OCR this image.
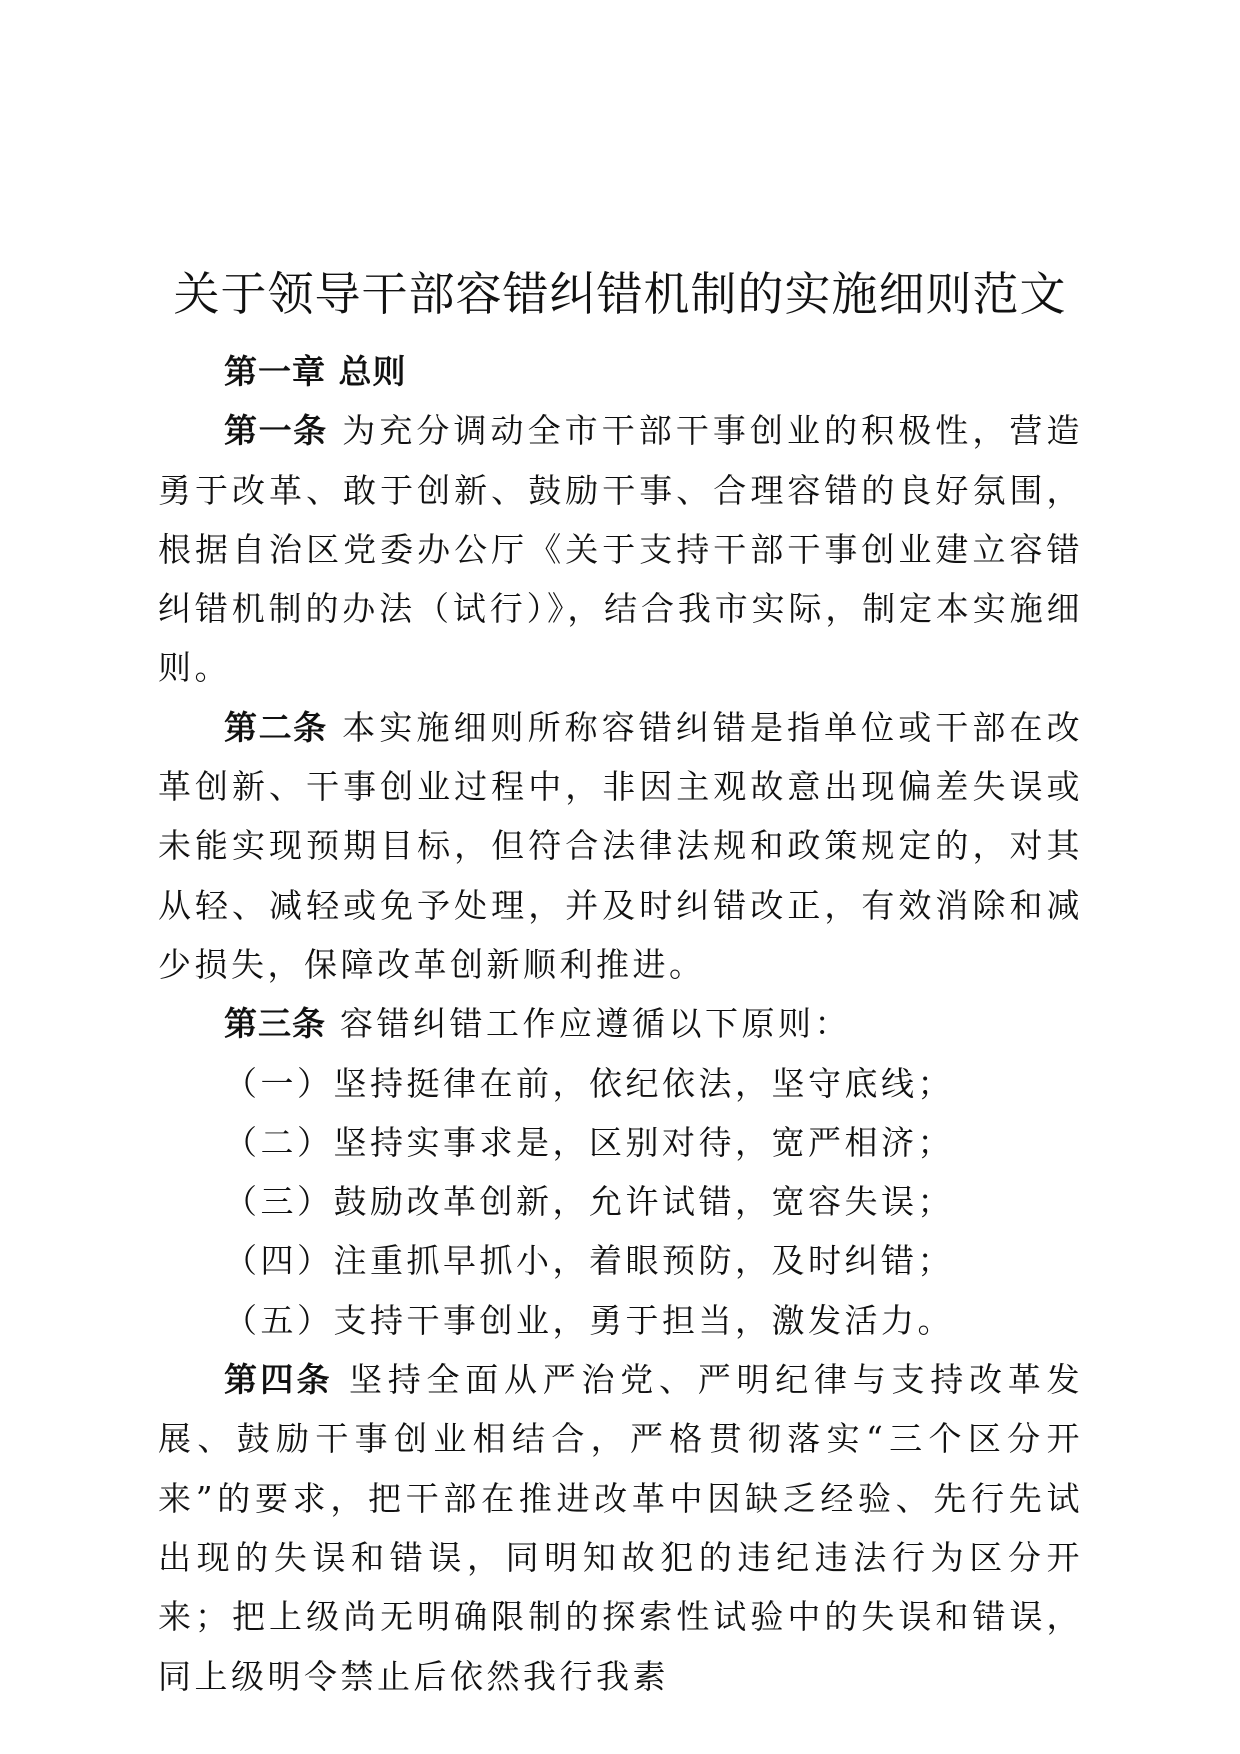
关于领导干部容错纠错机制的实施细则范文

第一章 总则

第一条 为充分调动全市干部干事创业的积极性，营造勇于改革、敢于创新、鼓励干事、合理容错的良好氛围，根据自治区党委办公厅《关于支持干部干事创业建立容错纠错机制的办法（试行）》，结合我市实际，制定本实施细则。

第二条 本实施细则所称容错纠错是指单位或干部在改革创新、干事创业过程中，非因主观故意出现偏差失误或未能实现预期目标，但符合法律法规和政策规定的，对其从轻、减轻或免予处理，并及时纠错改正，有效消除和减少损失，保障改革创新顺利推进。

第三条 容错纠错工作应遵循以下原则：

（一）坚持挺律在前，依纪依法，坚守底线；

（二）坚持实事求是，区别对待，宽严相济；

（三）鼓励改革创新，允许试错，宽容失误；

（四）注重抓早抓小，着眼预防，及时纠错；

（五）支持干事创业，勇于担当，激发活力。

第四条 坚持全面从严治党、严明纪律与支持改革发展、鼓励干事创业相结合，严格贯彻落实“三个区分开来”的要求，把干部在推进改革中因缺乏经验、先行先试出现的失误和错误，同明知故犯的违纪违法行为区分开来；把上级尚无明确限制的探索性试验中的失误和错误，同上级明令禁止后依然我行我素
